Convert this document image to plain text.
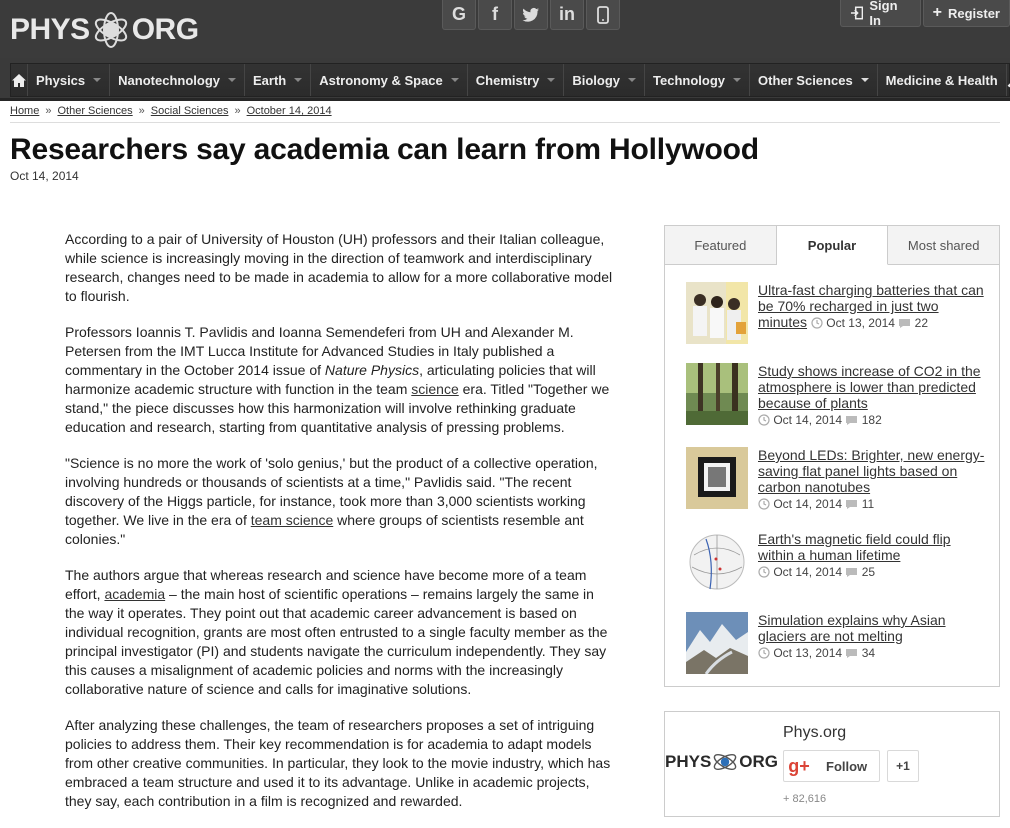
PHYS ORG	G	f	in	Sign In	+ Register
Physics	Nanotechnology	Earth	Astronomy & Space	Chemistry	Biology	Technology	Other Sciences	Medicine & Health
Home » Other Sciences » Social Sciences » October 14, 2014
Researchers say academia can learn from Hollywood
Oct 14, 2014

According to a pair of University of Houston (UH) professors and their Italian colleague, while science is increasingly moving in the direction of teamwork and interdisciplinary research, changes need to be made in academia to allow for a more collaborative model to flourish.

Professors Ioannis T. Pavlidis and Ioanna Semendeferi from UH and Alexander M. Petersen from the IMT Lucca Institute for Advanced Studies in Italy published a commentary in the October 2014 issue of Nature Physics, articulating policies that will harmonize academic structure with function in the team science era. Titled "Together we stand," the piece discusses how this harmonization will involve rethinking graduate education and research, starting from quantitative analysis of pressing problems.

"Science is no more the work of 'solo genius,' but the product of a collective operation, involving hundreds or thousands of scientists at a time," Pavlidis said. "The recent discovery of the Higgs particle, for instance, took more than 3,000 scientists working together. We live in the era of team science where groups of scientists resemble ant colonies."

The authors argue that whereas research and science have become more of a team effort, academia – the main host of scientific operations – remains largely the same in the way it operates. They point out that academic career advancement is based on individual recognition, grants are most often entrusted to a single faculty member as the principal investigator (PI) and students navigate the curriculum independently. They say this causes a misalignment of academic policies and norms with the increasingly collaborative nature of science and calls for imaginative solutions.

After analyzing these challenges, the team of researchers proposes a set of intriguing policies to address them. Their key recommendation is for academia to adapt models from other creative communities. In particular, they look to the movie industry, which has embraced a team structure and used it to its advantage. Unlike in academic projects, they say, each contribution in a film is recognized and rewarded.

Featured	Popular	Most shared
Ultra-fast charging batteries that can be 70% recharged in just two minutes Oct 13, 2014 22
Study shows increase of CO2 in the atmosphere is lower than predicted because of plants  Oct 14, 2014 182
Beyond LEDs: Brighter, new energy-saving flat panel lights based on carbon nanotubes  Oct 14, 2014 11
Earth's magnetic field could flip within a human lifetime  Oct 14, 2014 25
Simulation explains why Asian glaciers are not melting  Oct 13, 2014 34
PHYS ORG
Phys.org
g+	Follow	+1
+ 82,616
